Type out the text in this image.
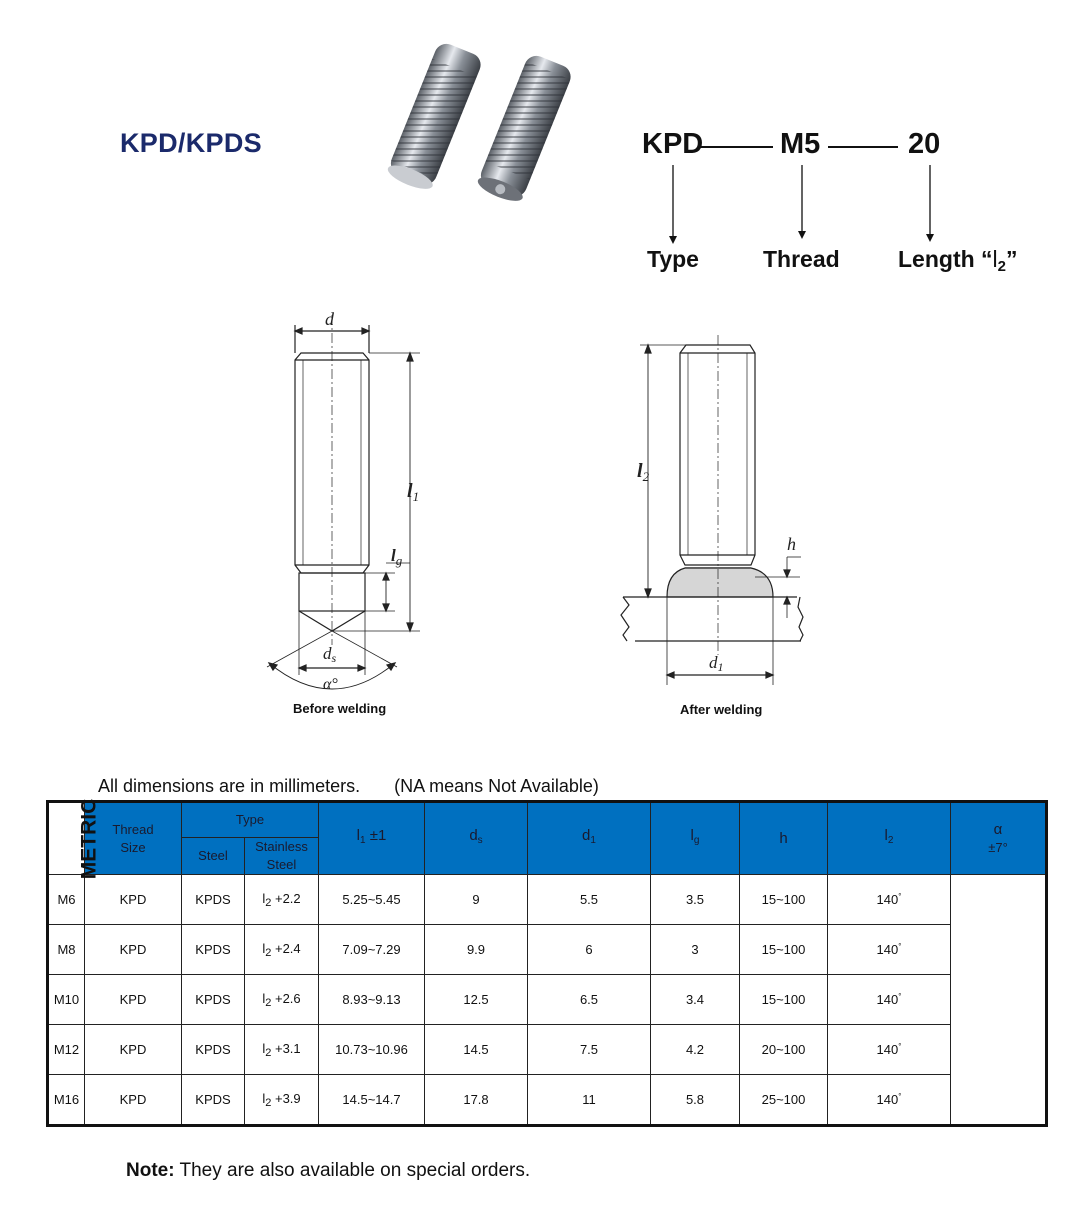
KPD/KPDS	KPD	M5	20
Type	Thread	Length “$l_2$”
d
$l_1$
$l_g$
ds
α°
Before welding
$l_2$
h
d1
After welding
All dimensions are in millimeters. (NA means Not Available)
METRIC	Thread Size	Type		$l_1 \pm 1$	$d_s$	$d_1$	$l_g$	h	$l_2$	α
±7°
		Steel	Stainless Steel							
M6	KPD	KPDS	$l_2 +2.2$	5.25~5.45	9	5.5	3.5	15~100	140°
M8	KPD	KPDS	$l_2 +2.4$	7.09~7.29	9.9	6	3	15~100	140°
M10	KPD	KPDS	$l_2 +2.6$	8.93~9.13	12.5	6.5	3.4	15~100	140°
M12	KPD	KPDS	$l_2 +3.1$	10.73~10.96	14.5	7.5	4.2	20~100	140°
M16	KPD	KPDS	$l_2 +3.9$	14.5~14.7	17.8	11	5.8	25~100	140°
Note: They are also available on special orders.
